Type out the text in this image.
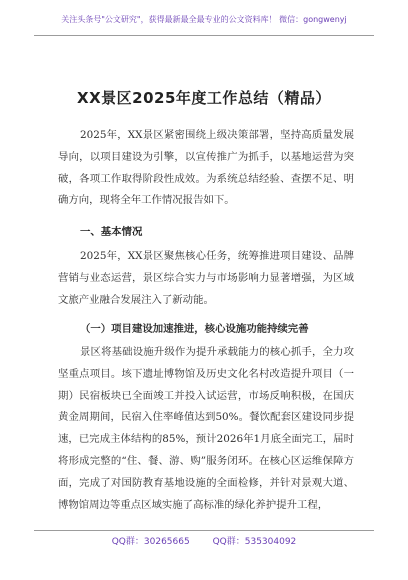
关注头条号"公文研究"，获得最新最全最专业的公文资料库！ 微信：gongwenyj
XX景区2025年度工作总结（精品）

2025年，XX景区紧密围绕上级决策部署，坚持高质量发展导向，以项目建设为引擎，以宣传推广为抓手，以基地运营为突破，各项工作取得阶段性成效。为系统总结经验、查摆不足、明确方向，现将全年工作情况报告如下。

一、基本情况

2025年，XX景区聚焦核心任务，统筹推进项目建设、品牌营销与业态运营，景区综合实力与市场影响力显著增强，为区域文旅产业融合发展注入了新动能。

（一）项目建设加速推进，核心设施功能持续完善

景区将基础设施升级作为提升承载能力的核心抓手，全力攻坚重点项目。垓下遗址博物馆及历史文化名村改造提升项目（一期）民宿板块已全面竣工并投入试运营，市场反响积极，在国庆黄金周期间，民宿入住率峰值达到50%。餐饮配套区建设同步提速，已完成主体结构的85%，预计2026年1月底全面完工，届时将形成完整的“住、餐、游、购”服务闭环。在核心区运维保障方面，完成了对国防教育基地设施的全面检修，并针对景观大道、博物馆周边等重点区域实施了高标准的绿化养护提升工程，

QQ群：30265665	QQ群：535304092
